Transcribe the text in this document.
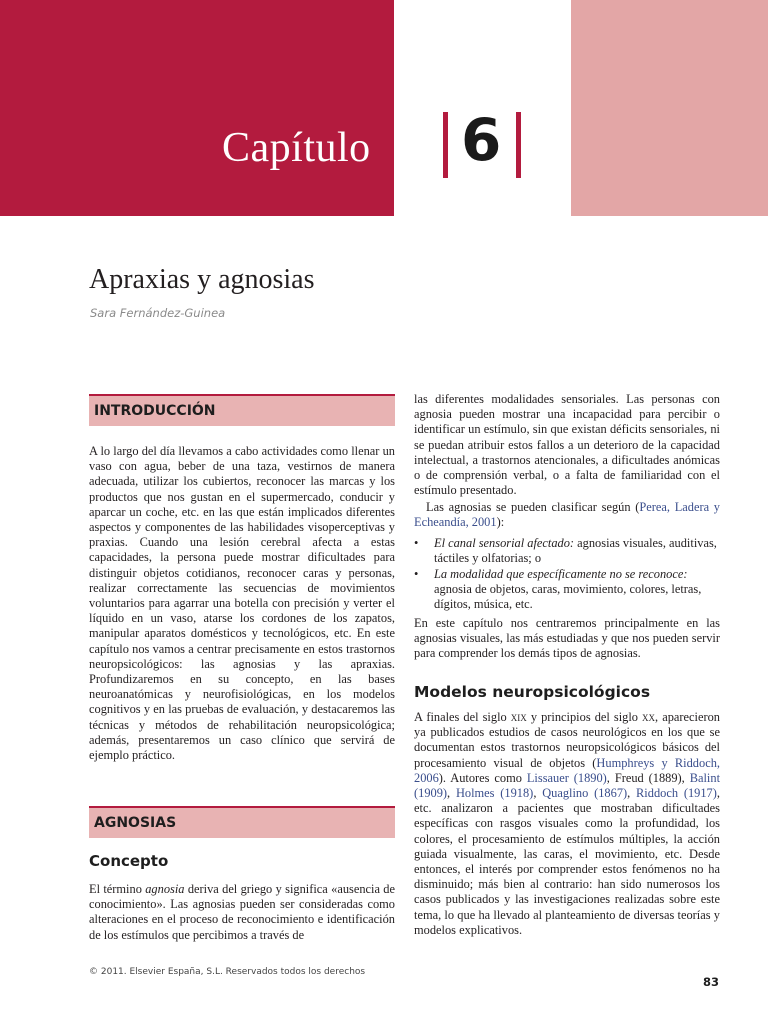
Capítulo 6
Apraxias y agnosias
Sara Fernández-Guinea
INTRODUCCIÓN
A lo largo del día llevamos a cabo actividades como llenar un vaso con agua, beber de una taza, vestirnos de manera adecuada, utilizar los cubiertos, reconocer las marcas y los productos que nos gustan en el supermercado, conducir y aparcar un coche, etc. en las que están implicados diferentes aspectos y componentes de las habilidades visoperceptivas y praxias. Cuando una lesión cerebral afecta a estas capacidades, la persona puede mostrar dificultades para distinguir objetos cotidianos, reconocer caras y personas, realizar correctamente las secuencias de movimientos voluntarios para agarrar una botella con precisión y verter el líquido en un vaso, atarse los cordones de los zapatos, manipular aparatos domésticos y tecnológicos, etc. En este capítulo nos vamos a centrar precisamente en estos trastornos neuropsicológicos: las agnosias y las apraxias. Profundizaremos en su concepto, en las bases neuroanatómicas y neurofisiológicas, en los modelos cognitivos y en las pruebas de evaluación, y destacaremos las técnicas y métodos de rehabilitación neuropsicológica; además, presentaremos un caso clínico que servirá de ejemplo práctico.
AGNOSIAS
Concepto
El término agnosia deriva del griego y significa «ausencia de conocimiento». Las agnosias pueden ser consideradas como alteraciones en el proceso de reconocimiento e identificación de los estímulos que percibimos a través de
las diferentes modalidades sensoriales. Las personas con agnosia pueden mostrar una incapacidad para percibir o identificar un estímulo, sin que existan déficits sensoriales, ni se puedan atribuir estos fallos a un deterioro de la capacidad intelectual, a trastornos atencionales, a dificultades anómicas o de comprensión verbal, o a falta de familiaridad con el estímulo presentado.
Las agnosias se pueden clasificar según (Perea, Ladera y Echeandía, 2001):
• El canal sensorial afectado: agnosias visuales, auditivas, táctiles y olfatorias; o
• La modalidad que específicamente no se reconoce: agnosia de objetos, caras, movimiento, colores, letras, dígitos, música, etc.
En este capítulo nos centraremos principalmente en las agnosias visuales, las más estudiadas y que nos pueden servir para comprender los demás tipos de agnosias.
Modelos neuropsicológicos
A finales del siglo xix y principios del siglo xx, aparecieron ya publicados estudios de casos neurológicos en los que se documentan estos trastornos neuropsicológicos básicos del procesamiento visual de objetos (Humphreys y Riddoch, 2006). Autores como Lissauer (1890), Freud (1889), Balint (1909), Holmes (1918), Quaglino (1867), Riddoch (1917), etc. analizaron a pacientes que mostraban dificultades específicas con rasgos visuales como la profundidad, los colores, el procesamiento de estímulos múltiples, la acción guiada visualmente, las caras, el movimiento, etc. Desde entonces, el interés por comprender estos fenómenos no ha disminuido; más bien al contrario: han sido numerosos los casos publicados y las investigaciones realizadas sobre este tema, lo que ha llevado al planteamiento de diversas teorías y modelos explicativos.
© 2011. Elsevier España, S.L. Reservados todos los derechos
83
